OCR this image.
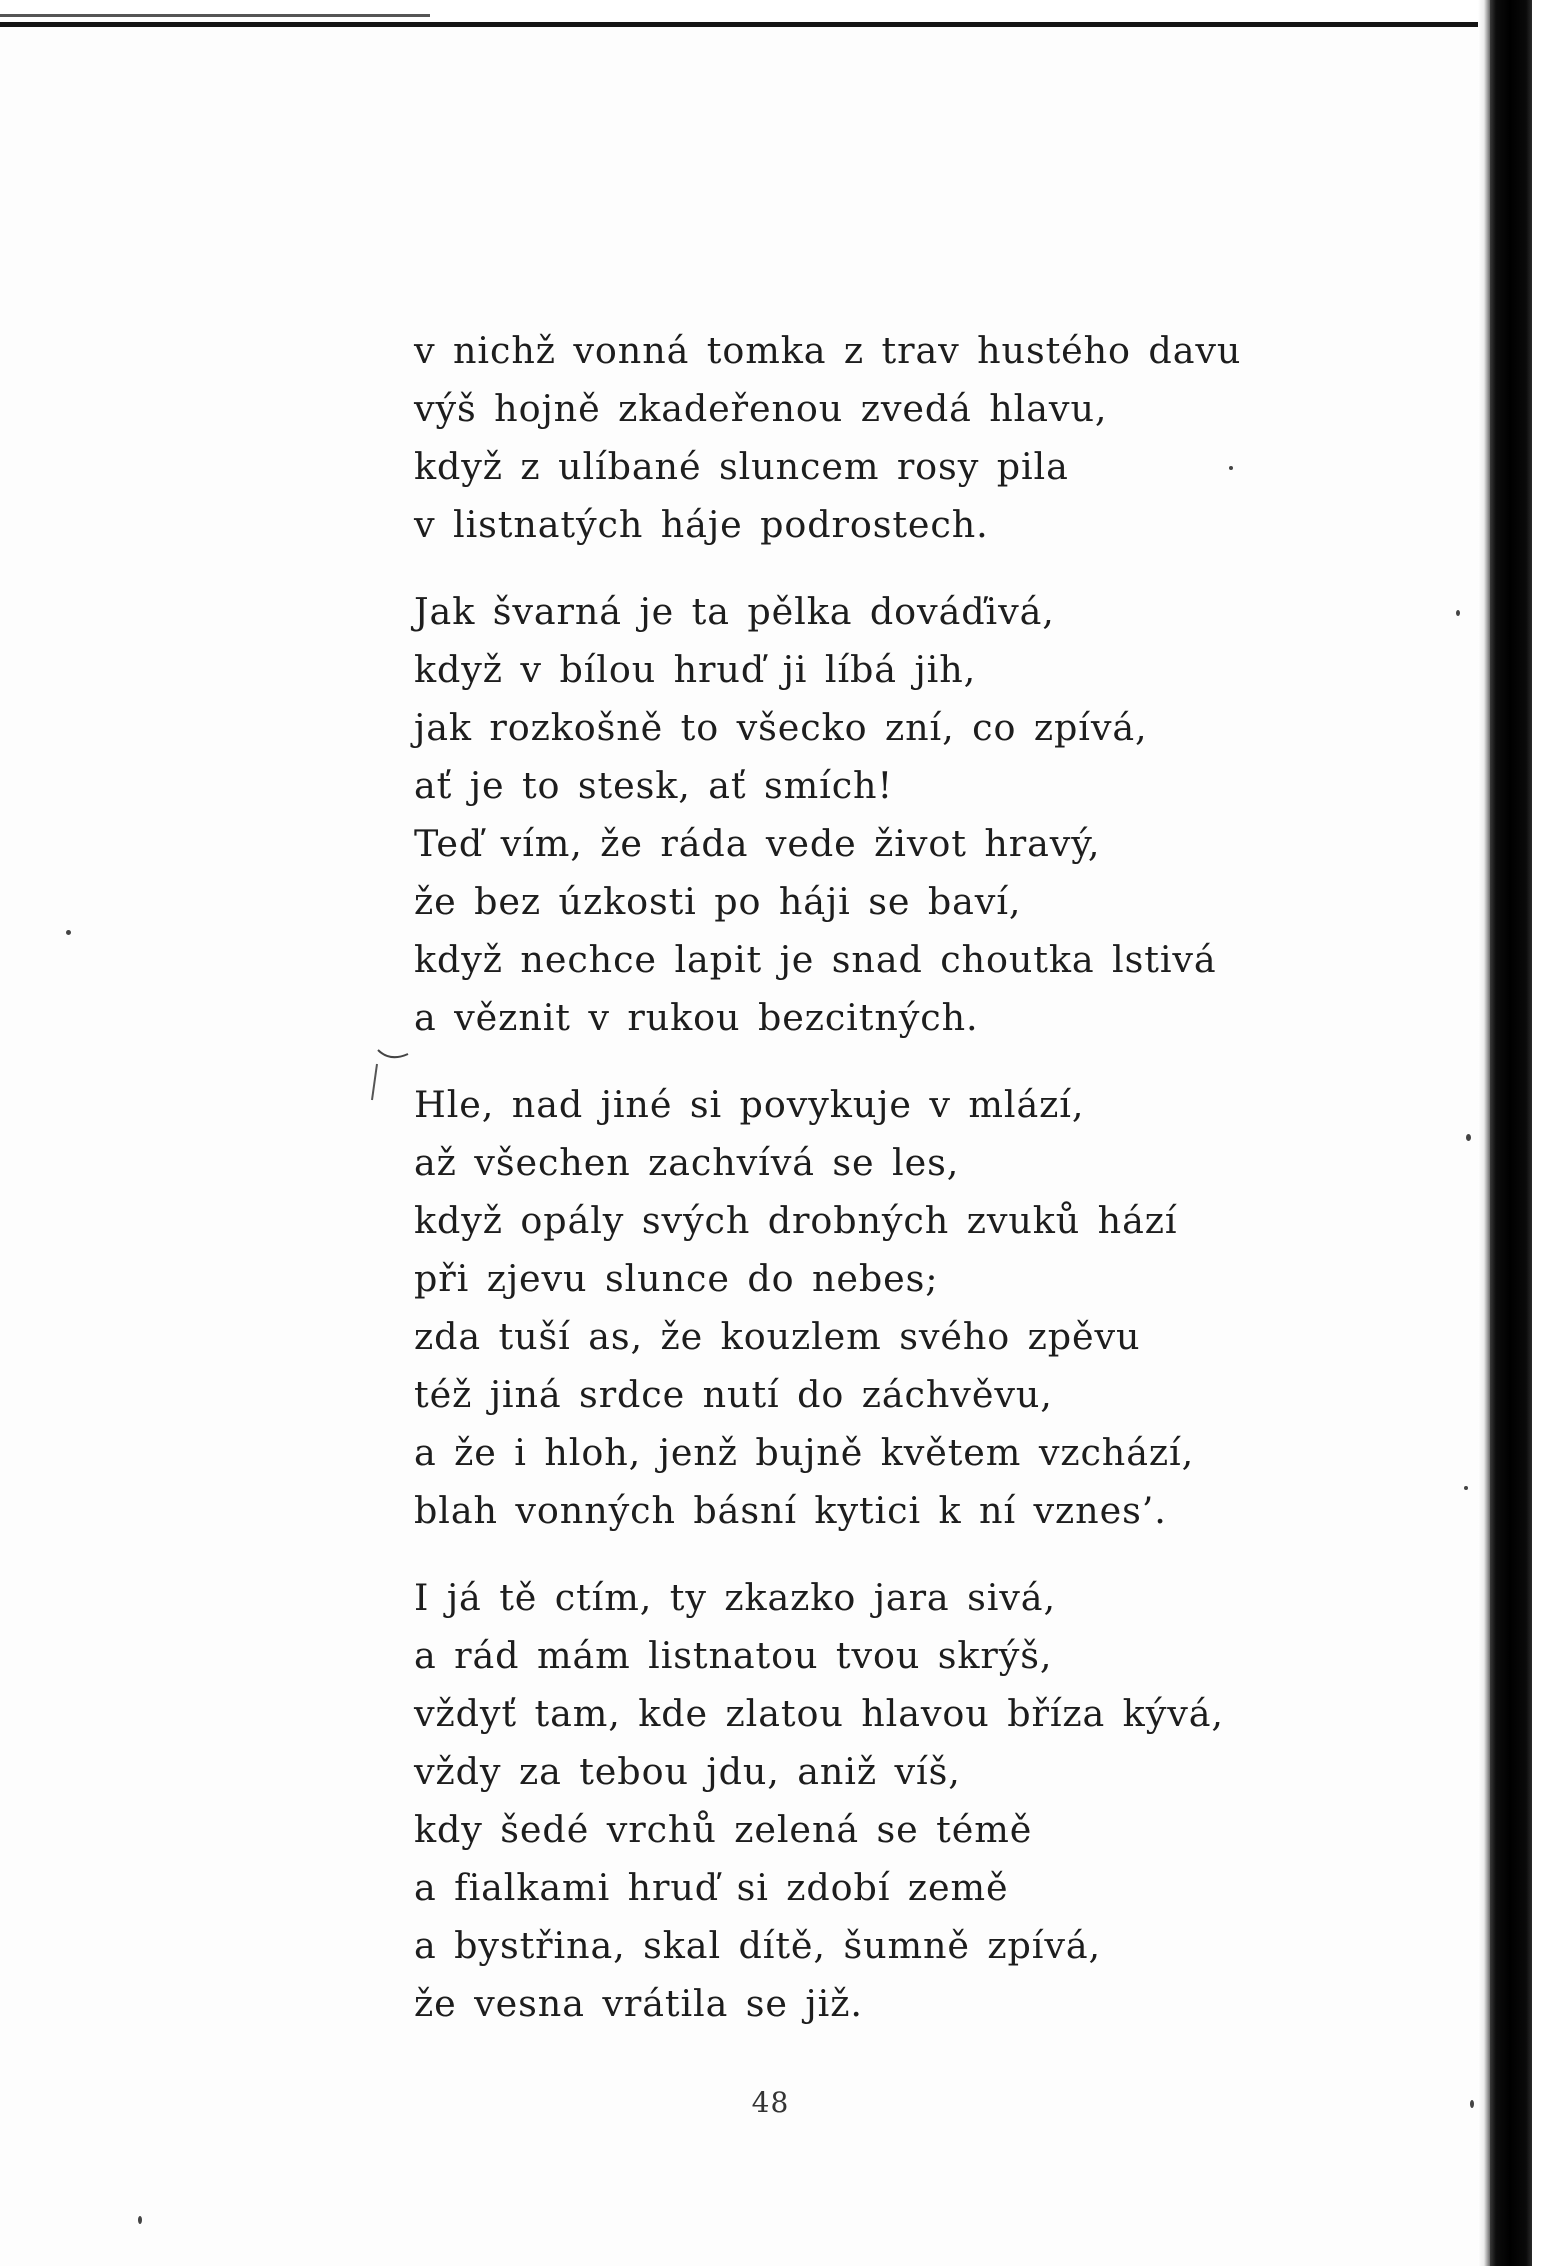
v nichž vonná tomka z trav hustého davu
výš hojně zkadeřenou zvedá hlavu,
když z ulíbané sluncem rosy pila
v listnatých háje podrostech.
Jak švarná je ta pělka dováďivá,
když v bílou hruď ji líbá jih,
jak rozkošně to všecko zní, co zpívá,
ať je to stesk, ať smích!
Teď vím, že ráda vede život hravý,
že bez úzkosti po háji se baví,
když nechce lapit je snad choutka lstivá
a věznit v rukou bezcitných.
Hle, nad jiné si povykuje v mlází,
až všechen zachvívá se les,
když opály svých drobných zvuků hází
při zjevu slunce do nebes;
zda tuší as, že kouzlem svého zpěvu
též jiná srdce nutí do záchvěvu,
a že i hloh, jenž bujně květem vzchází,
blah vonných básní kytici k ní vznes’.
I já tě ctím, ty zkazko jara sivá,
a rád mám listnatou tvou skrýš,
vždyť tam, kde zlatou hlavou bříza kývá,
vždy za tebou jdu, aniž víš,
kdy šedé vrchů zelená se témě
a fialkami hruď si zdobí země
a bystřina, skal dítě, šumně zpívá,
že vesna vrátila se již.
48
